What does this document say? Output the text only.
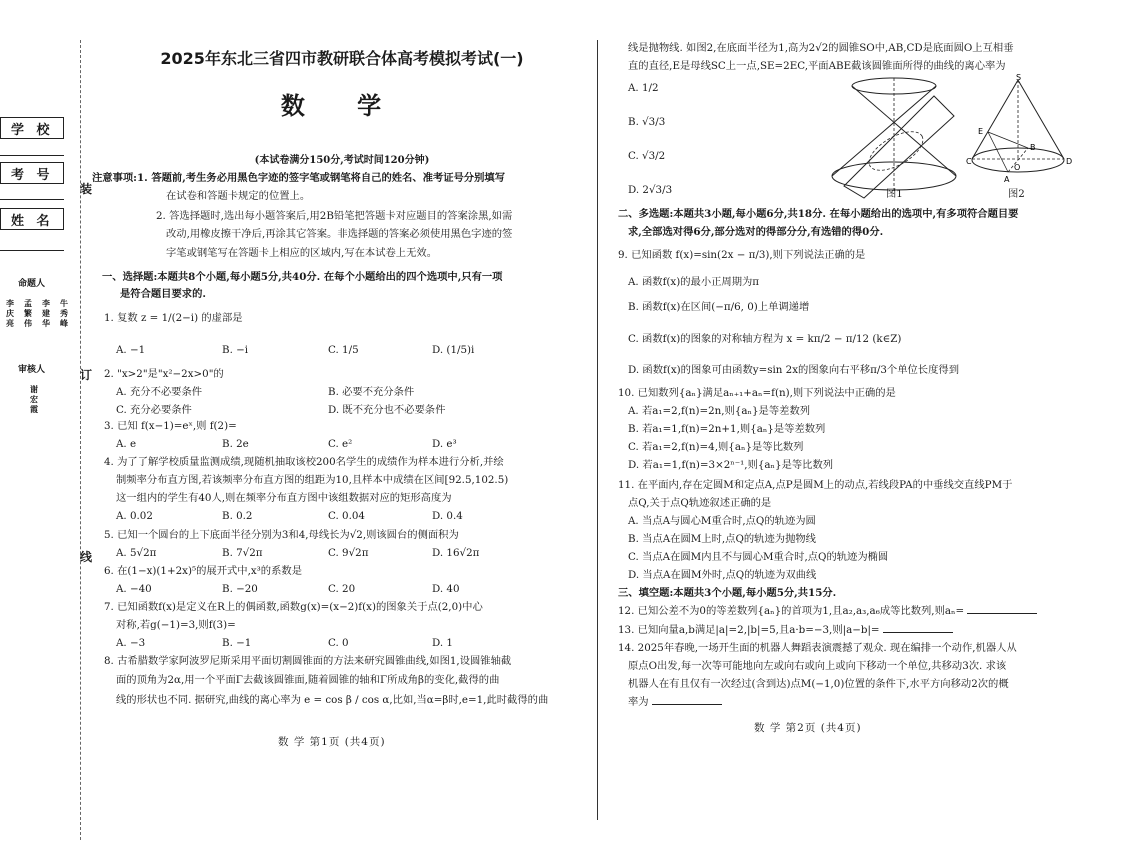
学 校
考 号
姓 名
命题人
李庆亮
孟繁伟
李建华
牛秀峰
审核人
谢宏霞
装
订
线
2025年东北三省四市教研联合体高考模拟考试(一)
数 学
(本试卷满分150分,考试时间120分钟)
注意事项:1. 答题前,考生务必用黑色字迹的签字笔或钢笔将自己的姓名、准考证号分别填写
在试卷和答题卡规定的位置上。
2. 答选择题时,选出每小题答案后,用2B铅笔把答题卡对应题目的答案涂黑,如需
改动,用橡皮擦干净后,再涂其它答案。非选择题的答案必须使用黑色字迹的签
字笔或钢笔写在答题卡上相应的区域内,写在本试卷上无效。
一、选择题:本题共8个小题,每小题5分,共40分. 在每个小题给出的四个选项中,只有一项
是符合题目要求的.
1. 复数 z = 1/(2−i) 的虚部是
A. −1	B. −i	C. 1/5	D. (1/5)i
2. "x>2"是"x²−2x>0"的
A. 充分不必要条件	B. 必要不充分条件
C. 充分必要条件	D. 既不充分也不必要条件
3. 已知 f(x−1)=eˣ,则 f(2)=
A. e	B. 2e	C. e²	D. e³
4. 为了了解学校质量监测成绩,现随机抽取该校200名学生的成绩作为样本进行分析,并绘
制频率分布直方图,若该频率分布直方图的组距为10,且样本中成绩在区间[92.5,102.5)
这一组内的学生有40人,则在频率分布直方图中该组数据对应的矩形高度为
A. 0.02	B. 0.2	C. 0.04	D. 0.4
5. 已知一个圆台的上下底面半径分别为3和4,母线长为√2,则该圆台的侧面积为
A. 5√2π	B. 7√2π	C. 9√2π	D. 16√2π
6. 在(1−x)(1+2x)⁵的展开式中,x³的系数是
A. −40	B. −20	C. 20	D. 40
7. 已知函数f(x)是定义在R上的偶函数,函数g(x)=(x−2)f(x)的图象关于点(2,0)中心
对称,若g(−1)=3,则f(3)=
A. −3	B. −1	C. 0	D. 1
8. 古希腊数学家阿波罗尼斯采用平面切割圆锥面的方法来研究圆锥曲线,如图1,设圆锥轴截
面的顶角为2α,用一个平面Γ去截该圆锥面,随着圆锥的轴和Γ所成角β的变化,截得的曲
线的形状也不同. 据研究,曲线的离心率为 e = cos β / cos α,比如,当α=β时,e=1,此时截得的曲
数 学 第1页 (共4页)
线是抛物线. 如图2,在底面半径为1,高为2√2的圆锥SO中,AB,CD是底面圆O上互相垂
直的直径,E是母线SC上一点,SE=2EC,平面ABE截该圆锥面所得的曲线的离心率为
A. 1/2
B. √3/3
C. √3/2
D. 2√3/3	图1
S
E
C
O
B
D
A
图2
二、多选题:本题共3小题,每小题6分,共18分. 在每小题给出的选项中,有多项符合题目要
求,全部选对得6分,部分选对的得部分分,有选错的得0分.
9. 已知函数 f(x)=sin(2x − π/3),则下列说法正确的是
A. 函数f(x)的最小正周期为π
B. 函数f(x)在区间(−π/6, 0)上单调递增
C. 函数f(x)的图象的对称轴方程为 x = kπ/2 − π/12 (k∈Z)
D. 函数f(x)的图象可由函数y=sin 2x的图象向右平移π/3个单位长度得到
10. 已知数列{aₙ}满足aₙ₊₁+aₙ=f(n),则下列说法中正确的是
A. 若a₁=2,f(n)=2n,则{aₙ}是等差数列
B. 若a₁=1,f(n)=2n+1,则{aₙ}是等差数列
C. 若a₁=2,f(n)=4,则{aₙ}是等比数列
D. 若a₁=1,f(n)=3×2ⁿ⁻¹,则{aₙ}是等比数列
11. 在平面内,存在定圆M和定点A,点P是圆M上的动点,若线段PA的中垂线交直线PM于
点Q,关于点Q轨迹叙述正确的是
A. 当点A与圆心M重合时,点Q的轨迹为圆
B. 当点A在圆M上时,点Q的轨迹为抛物线
C. 当点A在圆M内且不与圆心M重合时,点Q的轨迹为椭圆
D. 当点A在圆M外时,点Q的轨迹为双曲线
三、填空题:本题共3个小题,每小题5分,共15分.
12. 已知公差不为0的等差数列{aₙ}的首项为1,且a₂,a₃,a₆成等比数列,则aₙ=
13. 已知向量a,b满足|a|=2,|b|=5,且a·b=−3,则|a−b|=
14. 2025年春晚,一场开生面的机器人舞蹈表演震撼了观众. 现在编排一个动作,机器人从
原点O出发,每一次等可能地向左或向右或向上或向下移动一个单位,共移动3次. 求该
机器人在有且仅有一次经过(含到达)点M(−1,0)位置的条件下,水平方向移动2次的概
率为
数 学 第2页 (共4页)
